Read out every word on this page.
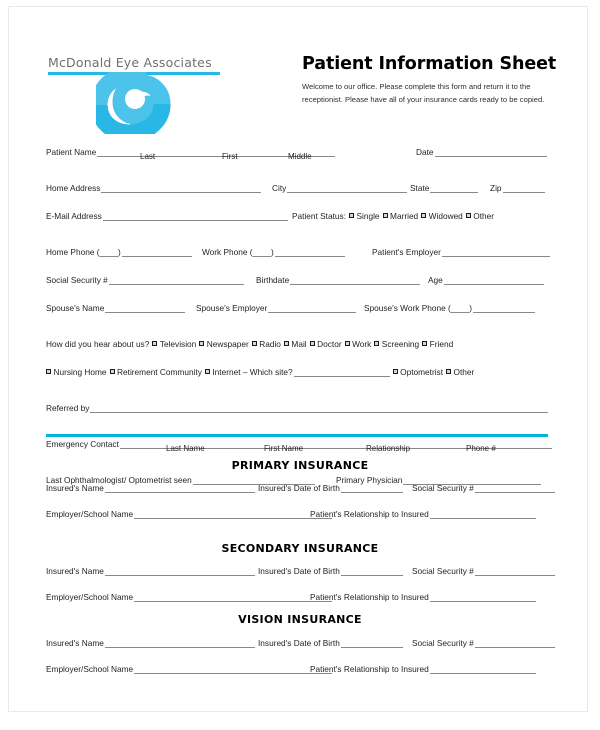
McDonald Eye Associates	Patient Information Sheet
Welcome to our office. Please complete this form and return it to the receptionist. Please have all of your insurance cards ready to be copied.
Patient Name	Date
Last	First	Middle
Home Address	City	State	Zip
E-Mail Address	Patient Status:	Single	Married	Widowed	Other
Home Phone (____)	Work Phone (____)	Patient's Employer
Social Security #	Birthdate	Age
Spouse's Name	Spouse's Employer	Spouse's Work Phone (____)
How did you hear about us?	Television	Newspaper	Radio	Mail	Doctor	Work	Screening	Friend
Nursing Home	Retirement Community	Internet – Which site?	Optometrist	Other
Referred by
Emergency Contact	Last Name	First Name	Relationship	Phone #
Last Ophthalmologist/ Optometrist seen	Primary Physician
PRIMARY INSURANCE
Insured's Name	Insured's Date of Birth	Social Security #
Employer/School Name	Patient's Relationship to Insured
SECONDARY INSURANCE
Insured's Name	Insured's Date of Birth	Social Security #
Employer/School Name	Patient's Relationship to Insured
VISION INSURANCE
Insured's Name	Insured's Date of Birth	Social Security #
Employer/School Name	Patient's Relationship to Insured
